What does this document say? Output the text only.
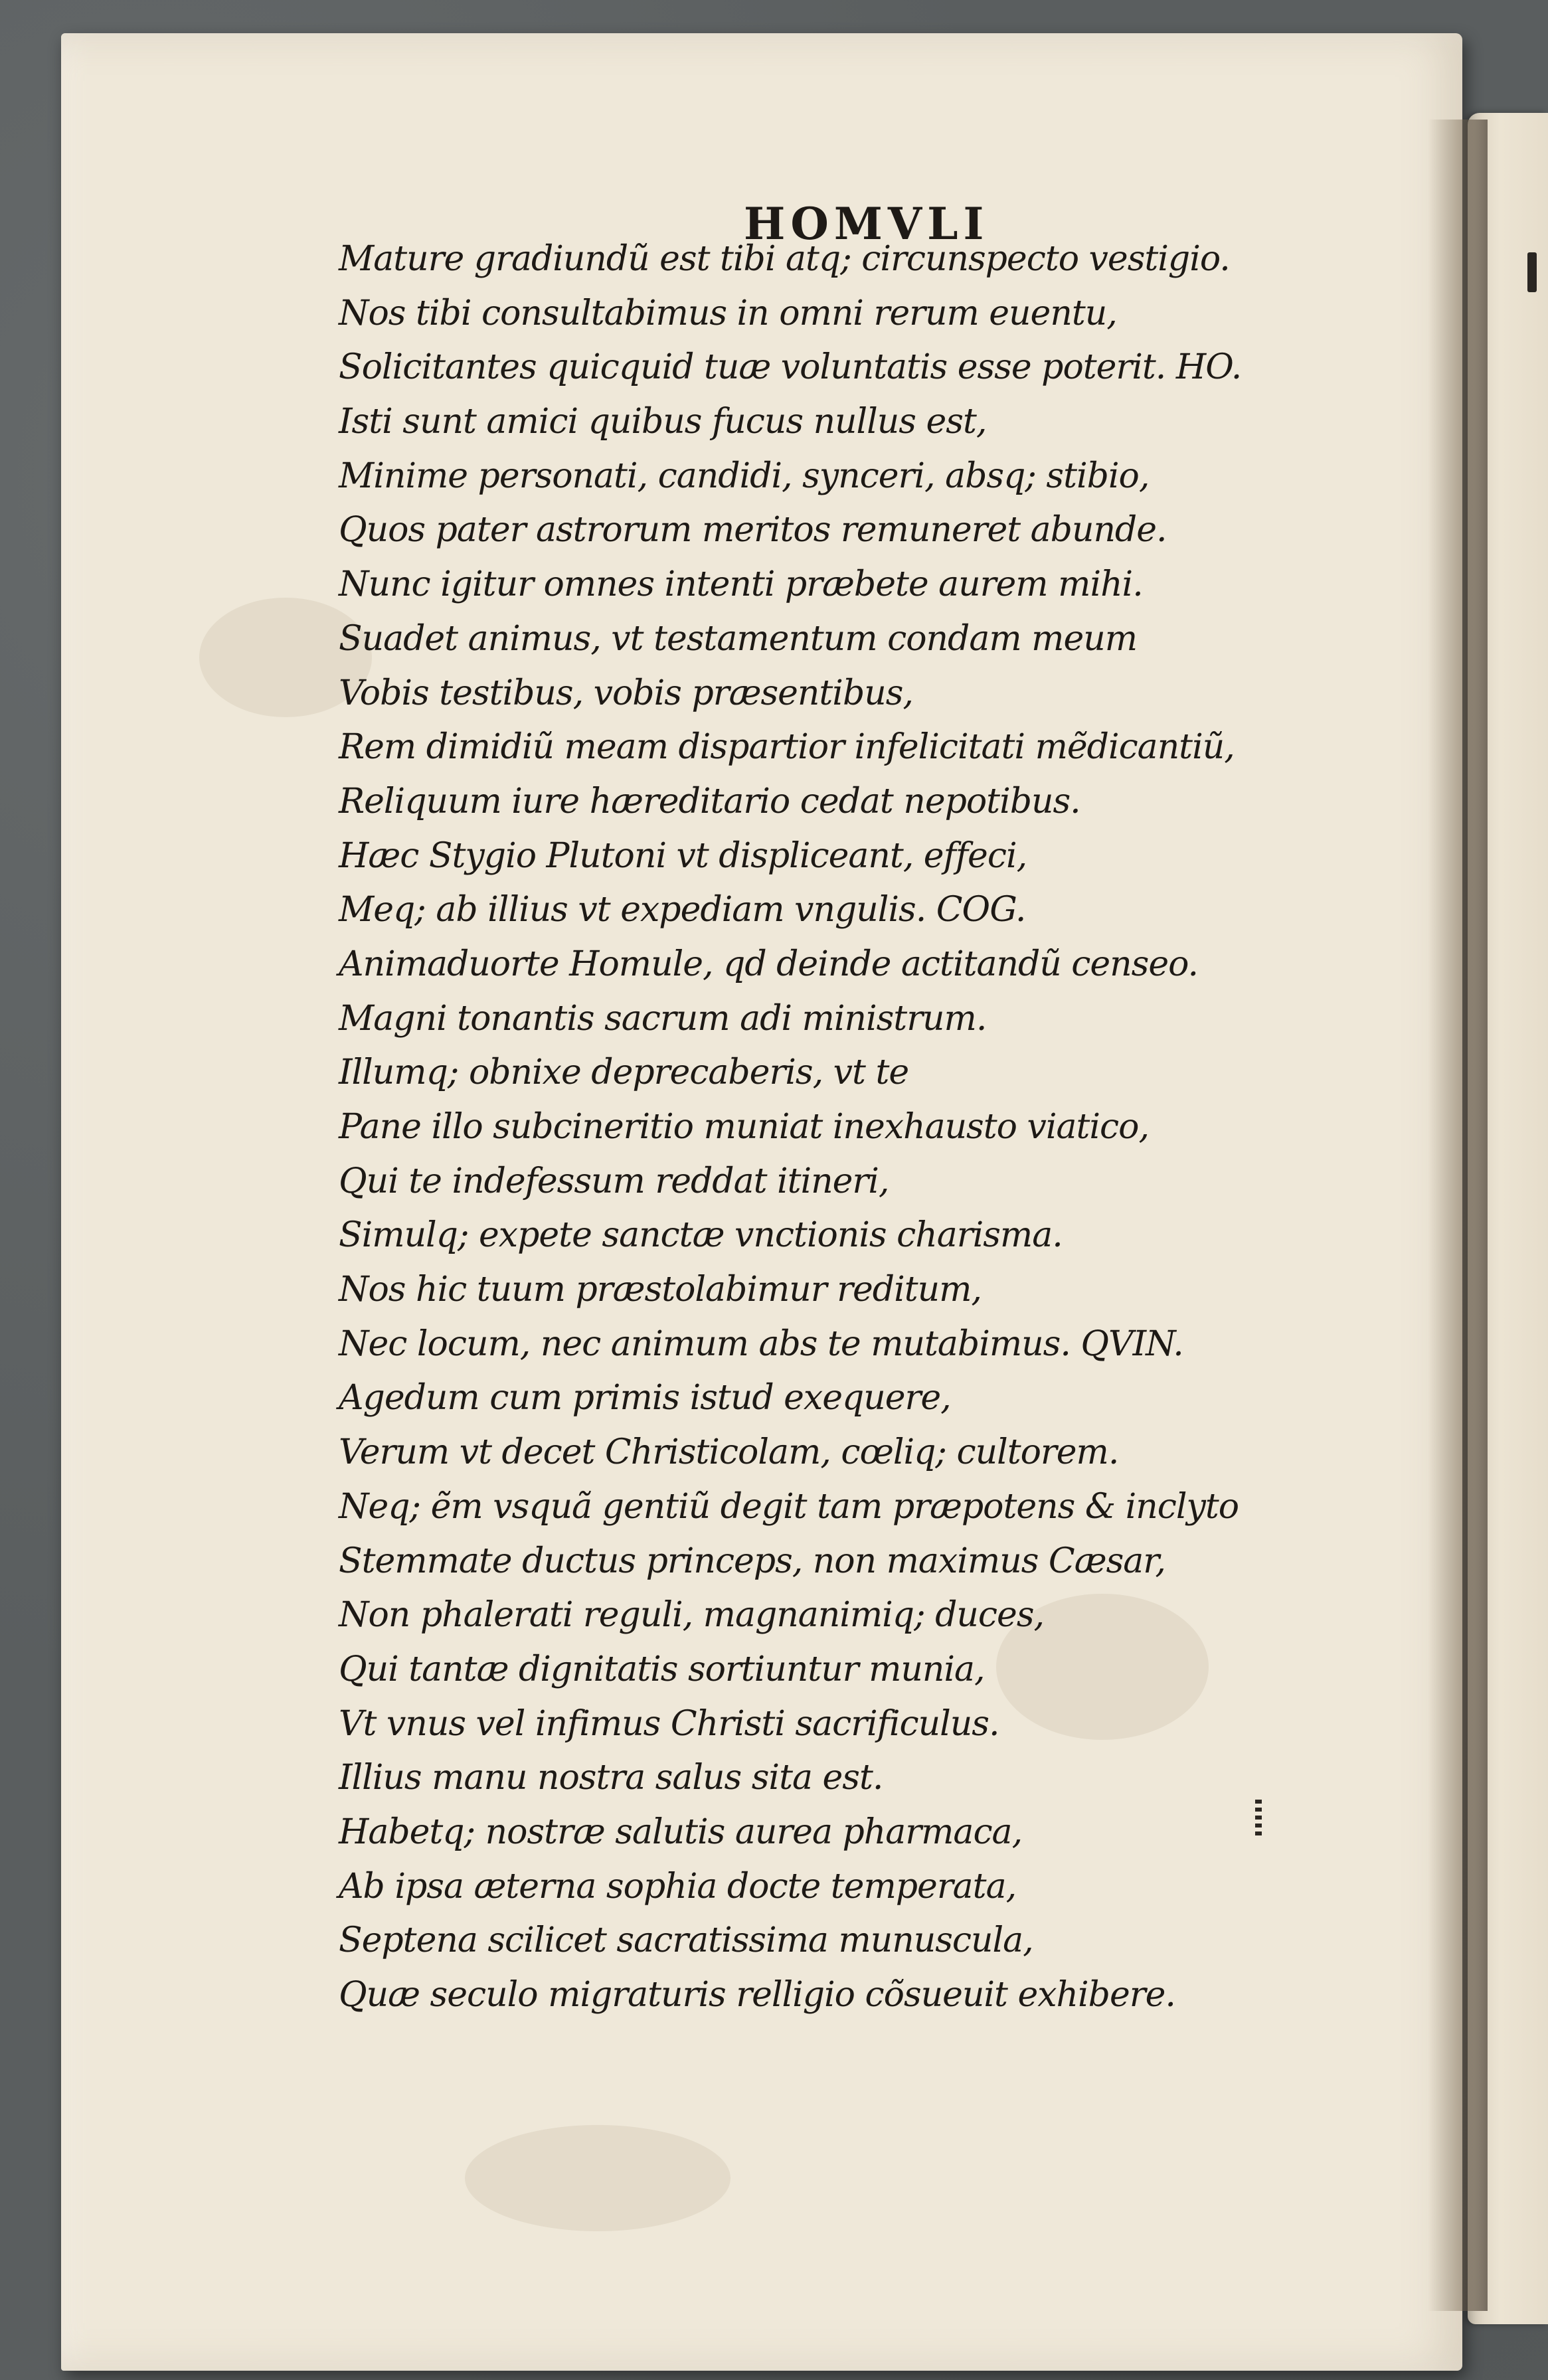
HOMVLI
Mature gradiundũ est tibi atq; circunspecto vestigio.
Nos tibi consultabimus in omni rerum euentu,
Solicitantes quicquid tuæ voluntatis esse poterit. HO.
Isti sunt amici quibus fucus nullus est,
Minime personati, candidi, synceri, absq; stibio,
Quos pater astrorum meritos remuneret abunde.
Nunc igitur omnes intenti præbete aurem mihi.
Suadet animus, vt testamentum condam meum
Vobis testibus, vobis præsentibus,
Rem dimidiũ meam dispartior infelicitati mẽdicantiũ,
Reliquum iure hæreditario cedat nepotibus.
Hæc Stygio Plutoni vt displiceant, effeci,
Meq; ab illius vt expediam vngulis. COG.
Animaduorte Homule, qd deinde actitandũ censeo.
Magni tonantis sacrum adi ministrum.
Illumq; obnixe deprecaberis, vt te
Pane illo subcineritio muniat inexhausto viatico,
Qui te indefessum reddat itineri,
Simulq; expete sanctæ vnctionis charisma.
Nos hic tuum præstolabimur reditum,
Nec locum, nec animum abs te mutabimus. QVIN.
Agedum cum primis istud exequere,
Verum vt decet Christicolam, cœliq; cultorem.
Neq; ẽm vsquã gentiũ degit tam præpotens & inclyto
Stemmate ductus princeps, non maximus Cæsar,
Non phalerati reguli, magnanimiq; duces,
Qui tantæ dignitatis sortiuntur munia,
Vt vnus vel infimus Christi sacrificulus.
Illius manu nostra salus sita est.
Habetq; nostræ salutis aurea pharmaca,
Ab ipsa æterna sophia docte temperata,
Septena scilicet sacratissima munuscula,
Quæ seculo migraturis relligio cõsueuit exhibere.
